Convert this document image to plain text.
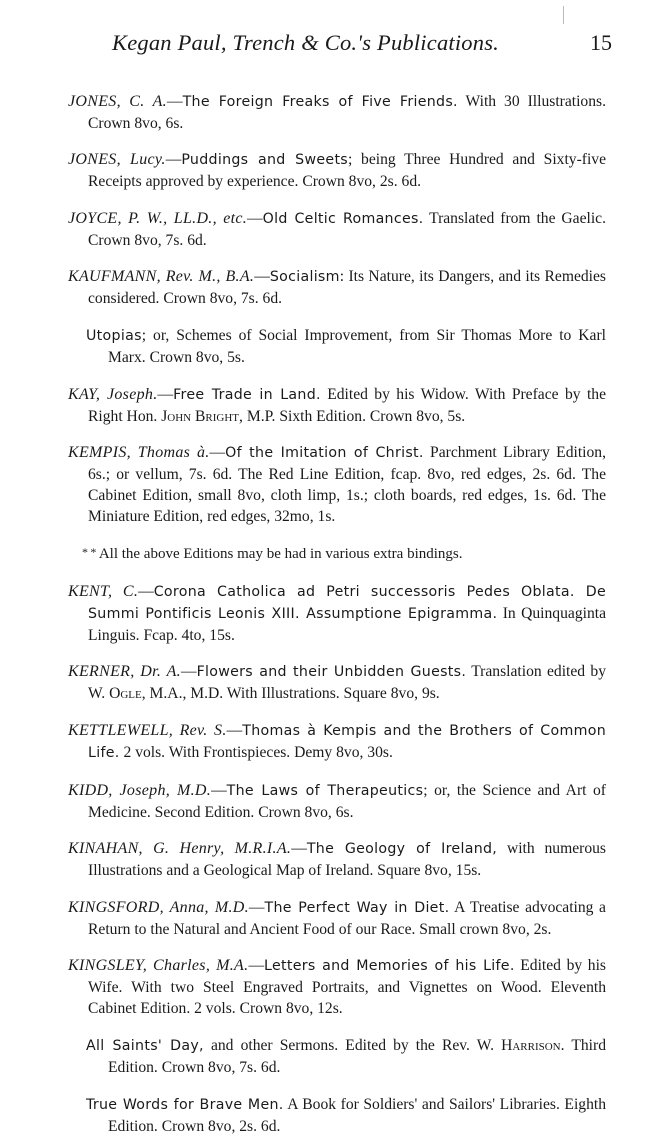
Kegan Paul, Trench & Co.'s Publications.	15

JONES, C. A.—The Foreign Freaks of Five Friends. With 30 Illustrations. Crown 8vo, 6s.

JONES, Lucy.—Puddings and Sweets; being Three Hundred and Sixty-five Receipts approved by experience. Crown 8vo, 2s. 6d.

JOYCE, P. W., LL.D., etc.—Old Celtic Romances. Translated from the Gaelic. Crown 8vo, 7s. 6d.

KAUFMANN, Rev. M., B.A.—Socialism: Its Nature, its Dangers, and its Remedies considered. Crown 8vo, 7s. 6d.

Utopias; or, Schemes of Social Improvement, from Sir Thomas More to Karl Marx. Crown 8vo, 5s.

KAY, Joseph.—Free Trade in Land. Edited by his Widow. With Preface by the Right Hon. John Bright, M.P. Sixth Edition. Crown 8vo, 5s.

KEMPIS, Thomas à.—Of the Imitation of Christ. Parchment Library Edition, 6s.; or vellum, 7s. 6d. The Red Line Edition, fcap. 8vo, red edges, 2s. 6d. The Cabinet Edition, small 8vo, cloth limp, 1s.; cloth boards, red edges, 1s. 6d. The Miniature Edition, red edges, 32mo, 1s.

* * All the above Editions may be had in various extra bindings.

KENT, C.—Corona Catholica ad Petri successoris Pedes Oblata. De Summi Pontificis Leonis XIII. Assumptione Epigramma. In Quinquaginta Linguis. Fcap. 4to, 15s.

KERNER, Dr. A.—Flowers and their Unbidden Guests. Translation edited by W. Ogle, M.A., M.D. With Illustrations. Square 8vo, 9s.

KETTLEWELL, Rev. S.—Thomas à Kempis and the Brothers of Common Life. 2 vols. With Frontispieces. Demy 8vo, 30s.

KIDD, Joseph, M.D.—The Laws of Therapeutics; or, the Science and Art of Medicine. Second Edition. Crown 8vo, 6s.

KINAHAN, G. Henry, M.R.I.A.—The Geology of Ireland, with numerous Illustrations and a Geological Map of Ireland. Square 8vo, 15s.

KINGSFORD, Anna, M.D.—The Perfect Way in Diet. A Treatise advocating a Return to the Natural and Ancient Food of our Race. Small crown 8vo, 2s.

KINGSLEY, Charles, M.A.—Letters and Memories of his Life. Edited by his Wife. With two Steel Engraved Portraits, and Vignettes on Wood. Eleventh Cabinet Edition. 2 vols. Crown 8vo, 12s.

All Saints' Day, and other Sermons. Edited by the Rev. W. Harrison. Third Edition. Crown 8vo, 7s. 6d.

True Words for Brave Men. A Book for Soldiers' and Sailors' Libraries. Eighth Edition. Crown 8vo, 2s. 6d.
